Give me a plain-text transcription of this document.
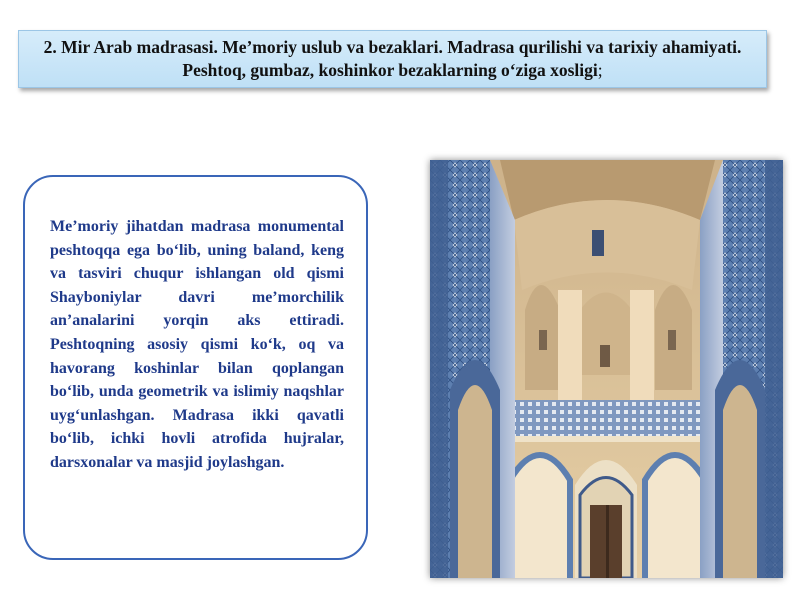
2. Mir Arab madrasasi. Me’moriy uslub va bezaklari. Madrasa qurilishi va tarixiy ahamiyati. Peshtoq, gumbaz, koshinkor bezaklarning o‘ziga xosligi;
Me’moriy jihatdan madrasa monumental peshtoqqa ega bo‘lib, uning baland, keng va tasviri chuqur ishlangan old qismi Shayboniylar davri me’morchilik an’analarini yorqin aks ettiradi. Peshtoqning asosiy qismi ko‘k, oq va havorang koshinlar bilan qoplangan bo‘lib, unda geometrik va islimiy naqshlar uyg‘unlashgan. Madrasa ikki qavatli bo‘lib, ichki hovli atrofida hujralar, darsxonalar va masjid joylashgan.
